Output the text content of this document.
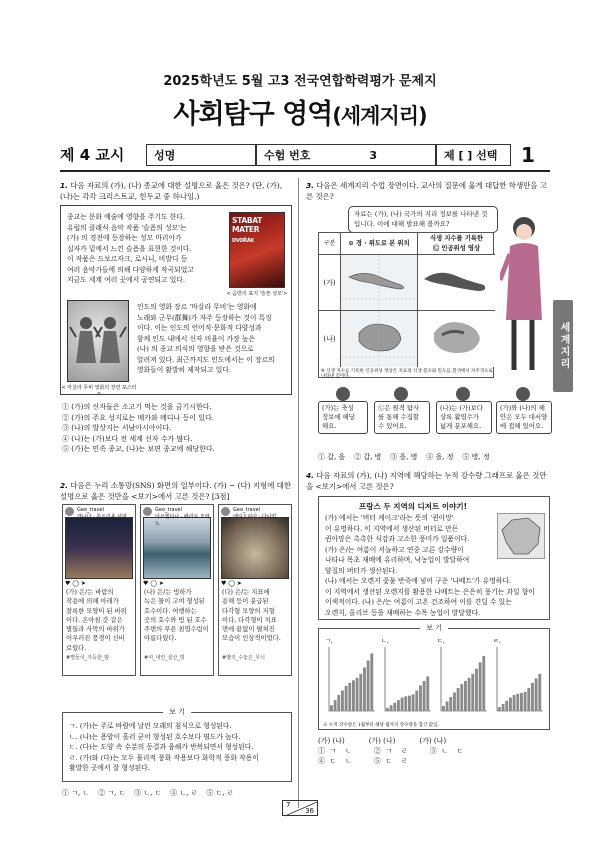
2025학년도 5월 고3 전국연합학력평가 문제지
사회탐구 영역(세계지리)
제 4 교시	성명	수험 번호	3	제 [ ] 선택 1
1. 다음 자료의 (가), (나) 종교에 대한 설명으로 옳은 것은? (단, (가), (나)는 각각 크리스트교, 힌두교 중 하나임.)
종교는 문화 예술에 영향을 주기도 한다.
유럽의 클래식 음악 작품 '슬픔의 성모'는
(가) 의 경전에 등장하는 성모 마리아가
십자가 밑에서 느낀 슬픔을 표현한 것이다.
이 작품은 드보르자크, 로시니, 비발디 등
여러 음악가들에 의해 다양하게 작곡되었고
지금도 세계 여러 곳에서 공연되고 있다.
STABAT
MATER
DVOŘÁK
< 음반의 표지 '슬픈 성모'>
< 마살라 무비 영화의 장면 포스터 >
인도의 영화 장르 '마살라 무비'는 영화에
노래와 군무(群舞)가 자주 등장하는 것이 특징
이다. 이는 인도의 언어적·문화적 다양성과
함께 인도 내에서 신자 비율이 가장 높은
(나) 의 종교 의식의 영향을 받은 것으로
알려져 있다. 최근까지도 인도에서는 이 장르의
영화들이 활발히 제작되고 있다.
① (가)의 신자들은 소고기 먹는 것을 금기시한다.
② (가)의 주요 성지로는 메카와 메디나 등이 있다.
③ (나)의 발상지는 서남아시아이다.
④ (나)는 (가)보다 전 세계 신자 수가 많다.
⑤ (가)는 민족 종교, (나)는 보편 종교에 해당한다.
2. 다음은 누리 소통망(SNS) 화면의 일부이다. (가) ~ (다) 지형에 대한 설명으로 옳은 것만을 <보기>에서 고른 것은? [3점]
Geo_travel
캐나다 · 몬트리올 사막
♥ ◯ ➤
(가) 은/는 바람의
작용에 의해 아래가
잘록한 모양이 된 바위
이다. 온아침 갓 같은
별들과 사막의 바위가
어우러진 풍경이 신비
로웠다.
#별들이_가득한_밤
Geo_travel
아르헨티나 · 페리토 모레노
♥ ◯ ➤
(나) 은/는 빙하가
녹은 물이 고여 형성된
호수이다. 여행하는
곳의 호수와 빙 된 호수
주변의 푸른 침엽수림이
아름다웠다.
#여_내린_설산_빙
Geo_travel
에티오피아 · 다나킬
♥ ◯ ➤
(다) 은/는 지표에
용해 등이 분급된
다각형 모양의 지형
이다. 다각형이 지표
면에 끝없이 펼쳐진
모습이 인상적이었다.
#땅의_수놓은_무늬
보 기
ㄱ. (가)는 주로 바람에 날린 모래의 침식으로 형성된다.
ㄴ. (나)는 용암이 흘러 굳어 형성된 호수보다 염도가 높다.
ㄷ. (다)는 도양 속 수분의 동결과 융해가 반복되면서 형성된다.
ㄹ. (가)와 (다)는 모두 물리적 풍화 작용보다 화학적 풍화 작용이
활발한 곳에서 잘 형성된다.
① ㄱ, ㄴ    ② ㄱ, ㄷ    ③ ㄴ, ㄷ    ④ ㄴ, ㄹ    ⑤ ㄷ, ㄹ
3. 다음은 세계지리 수업 장면이다. 교사의 질문에 옳게 대답한 학생만을 고른 것은?
자료는 (가), (나) 국가의 지리 정보를 나타낸 것입니다. 이에 대해 발표해 볼까요?
구분	⊙ 경 · 위도로 본 위치
식생 지수를 기록한
Ⓒ 인공위성 영상
(가)
(나)
※ 식생 지수를 기록한 인공위성 영상은 지표의 식생 분포와 밀도를 흰색에서 자주색으로 나타낸 것이다.
(가)는 축성
정보에 해당
해요.
Ⓒ은 원격 탐사
를 통해 수집할
수 있어요.
(나)는 (가)보다
상록 활엽수가
넓게 분포해요.
(가)와 (나)의 해
안은 모두 대서양
에 접해 있어요.
① 갑, 을    ② 갑, 병    ③ 을, 병    ④ 을, 정    ⑤ 병, 정
4. 다음 자료의 (가), (나) 지역에 해당하는 누적 강수량 그래프로 옳은 것만을 <보기>에서 고른 것은?
프랑스 두 지역의 디저트 이야기!
(가) 에서는 '버터 케이크'라는 뜻의 '퀸아망'
이 유명하다. 이 지역에서 생산된 버터로 만든
퀸아망은 촉촉한 식감과 고소한 풍미가 일품이다.
(가) 은/는 여름이 서늘하고 연중 고른 강수량이
나타나 목초 재배에 유리하며, 낙농업이 발달하여
양질의 버터가 생산된다.
(나) 에서는 오렌지 꽃물 반죽에 넣어 구운 '나베트'가 유명하다.
이 지역에서 생산된 오렌지를 활용한 나베트는 은은히 풍기는 과일 향이
이색적이다. (나) 은/는 여름이 고온 건조하여 이를 견딜 수 있는
오렌지, 올리브 등을 재배하는 수목 농업이 발달했다.
보 기
ㄱ.	ㄴ.	ㄷ.	ㄹ.
※ 누적 강수량은 1월부터 해당 월까지 강수량을 합산 값임.
(가) (나)	(가) (나)	(가) (나)
①  ㄱ    ㄴ	②  ㄱ    ㄹ	③  ㄴ    ㄷ
④  ㄷ    ㄴ	⑤  ㄷ    ㄹ
세계지리
7
36
